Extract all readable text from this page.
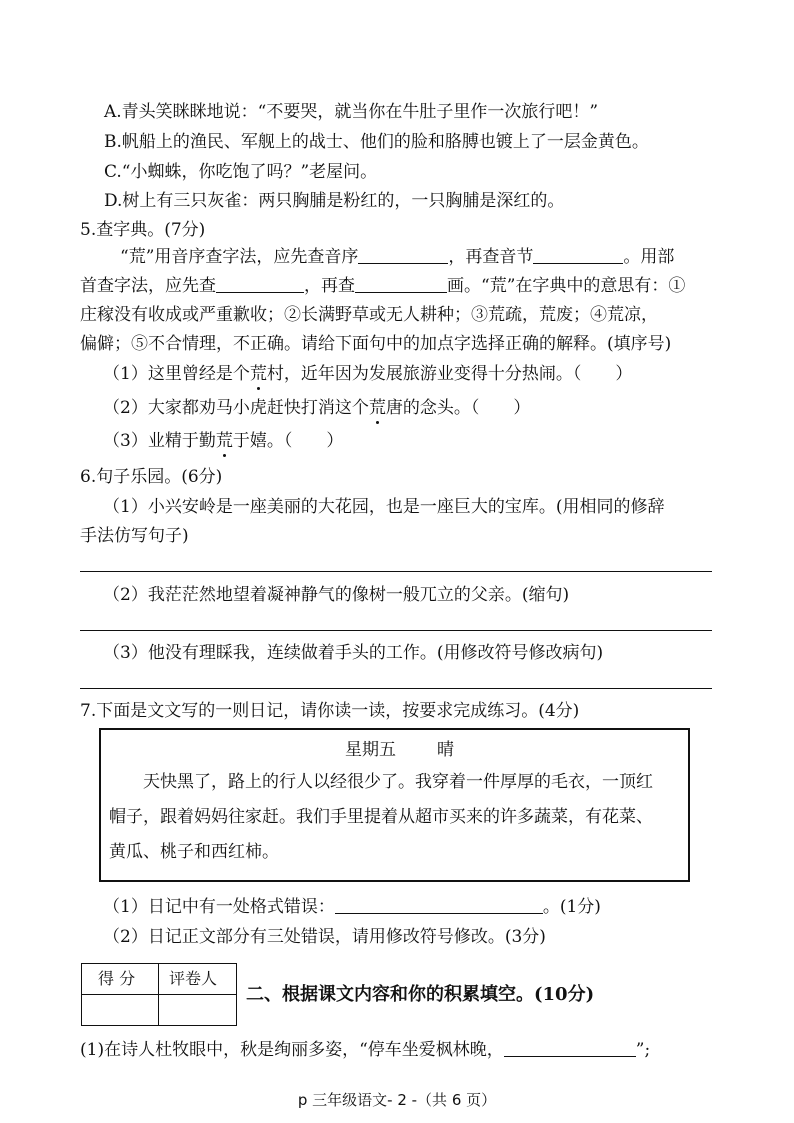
A.青头笑眯眯地说：“不要哭，就当你在牛肚子里作一次旅行吧！”
B.帆船上的渔民、军舰上的战士、他们的脸和胳膊也镀上了一层金黄色。
C.“小蜘蛛，你吃饱了吗？”老屋问。
D.树上有三只灰雀：两只胸脯是粉红的，一只胸脯是深红的。
5.查字典。(7分)
“荒”用音序查字法，应先查音序	，再查音节	。用部
首查字法，应先查	，再查	画。“荒”在字典中的意思有：①
庄稼没有收成或严重歉收；②长满野草或无人耕种；③荒疏，荒废；④荒凉，
偏僻；⑤不合情理，不正确。请给下面句中的加点字选择正确的解释。(填序号)
（1）这里曾经是个荒村，近年因为发展旅游业变得十分热闹。（　　）
（2）大家都劝马小虎赶快打消这个荒唐的念头。（　　）
（3）业精于勤荒于嬉。（　　）
6.句子乐园。(6分)
（1）小兴安岭是一座美丽的大花园，也是一座巨大的宝库。(用相同的修辞
手法仿写句子)
（2）我茫茫然地望着凝神静气的像树一般兀立的父亲。(缩句)
（3）他没有理睬我，连续做着手头的工作。(用修改符号修改病句)
7.下面是文文写的一则日记，请你读一读，按要求完成练习。(4分)
星期五 晴
天快黑了，路上的行人以经很少了。我穿着一件厚厚的毛衣，一顶红
帽子，跟着妈妈往家赶。我们手里提着从超市买来的许多蔬菜，有花菜、
黄瓜、桃子和西红柿。
（1）日记中有一处格式错误：	。(1分)
（2）日记正文部分有三处错误，请用修改符号修改。(3分)
得 分 评卷人
二、根据课文内容和你的积累填空。(10分)
(1)在诗人杜牧眼中，秋是绚丽多姿，“停车坐爱枫林晚，	”;
p 三年级语文- 2 -（共 6 页）
